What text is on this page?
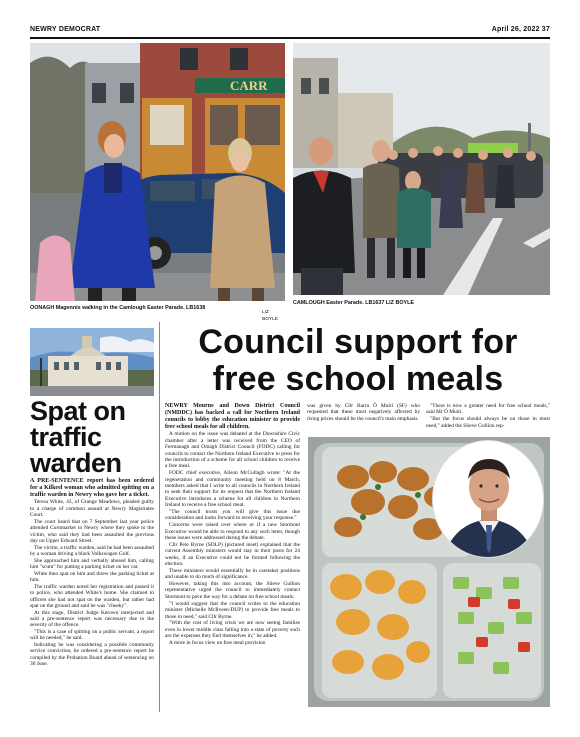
NEWRY DEMOCRAT	April 26, 2022 37
CARR
OONAGH Magennis walking in the Camlough Easter Parade. LB1638
LIZ BOYLE
CAMLOUGH Easter Parade. LB1637 LIZ BOYLE
Spat on
traffic
warden

A PRE-SENTENCE report has been ordered for a Kilkeel woman who admitted spitting on a traffic warden in Newry who gave her a ticket.

Teresa White, 43, of Grange Meadows, pleaded guilty to a charge of common assault at Newry Magistrates Court.

The court heard that on 7 September last year police attended Cornmarket in Newry where they spoke to the victim, who said they had been assaulted the previous day on Upper Edward Street.

The victim, a traffic warden, said he had been assaulted by a woman driving a black Volkswagen Golf.

She approached him and verbally abused him, calling him "scum" for putting a parking ticket on her car.

White then spat on him and threw the parking ticket at him.

The traffic warden noted her registration and passed it to police, who attended White's home. She claimed to officers she had not spat on the warden, but rather had spat on the ground and said he was "cheeky".

At this stage, District Judge Kerown interjected and said a pre-sentence report was necessary due to the severity of the offence.

"This is a case of spitting on a public servant, a report will be needed," he said.

Indicating he was considering a possible community service conviction, he ordered a pre-sentence report be compiled by the Probation Board ahead of sentencing on 30 June.

Council support for
free school meals

NEWRY Mourne and Down District Council (NMDDC) has backed a call for Northern Ireland councils to lobby the education minister to provide free school meals for all children.

A motion on the issue was debated at the Downshire Civic chamber after a letter was received from the CEO of Fermanagh and Omagh District Council (FODC) calling for councils to contact the Northern Ireland Executive to press for the introduction of a scheme for all school children to receive a free meal.

FODC chief executive, Alison McCullagh wrote: "At the regeneration and community meeting held on 8 March, members asked that I write to all councils in Northern Ireland to seek their support for its request that the Northern Ireland Executive introduces a scheme for all children in Northern Ireland to receive a free school meal.

"The council trusts you will give this issue due consideration and looks forward to receiving your response."

Concerns were raised over where or if a new Stormont Executive would be able to respond to any such letter, though these issues were addressed during the debate.

Cllr Pete Byrne (SDLP) (pictured inset) explained that the current Assembly ministers would stay in their posts for 24 weeks, if an Executive could not be formed following the election.

These ministers would essentially be in caretaker positions and unable to do much of significance.

However, taking this into account, the Slieve Gullion representative urged the council to immediately contact Stormont to pave the way for a debate on free school meals.

"I would suggest that the council writes to the education minister (Michelle McIlveen-DUP) to provide free meals to those in need," said Cllr Byrne.

"With the cost of living crisis we are now seeing families even in lower middle class falling into a state of poverty such are the expenses they find themselves in," he added.

A more in focus view on free meal provision

was given by Cllr Barra Ó Muirí (SF) who requested that these most negatively affected by rising prices should be the council's main emphasis.

"There is now a greater need for free school meals," said Mr Ó Muirí.

"But the focus should always be on those in most need," added the Slieve Gullion rep-
